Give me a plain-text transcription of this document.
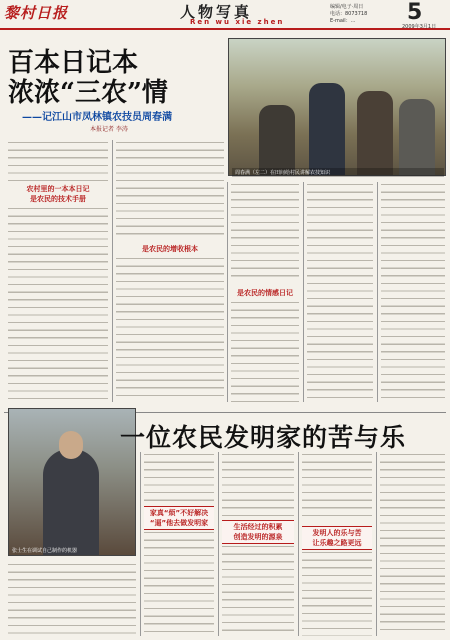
黎村日报	人物写真
Ren wu xie zhen
编辑/电子·周日
电话：8073718
E-mail：...	5
2009年3月1日
百本日记本
浓浓“三农”情
——记江山市凤林镇农技员周春满
本报记者 李涛
周春满（左二）在田间给村民讲解农技知识
农村里的一本本日记
是农民的技术手册
是农民的增收根本
是农民的情感日记
张士生在调试自己制作的机器
一位农民发明家的苦与乐
家真“烦”不好解决
“逼”他去做发明家	生活经过的积累
创造发明的源泉	发明人的乐与苦
让乐趣之路更远
